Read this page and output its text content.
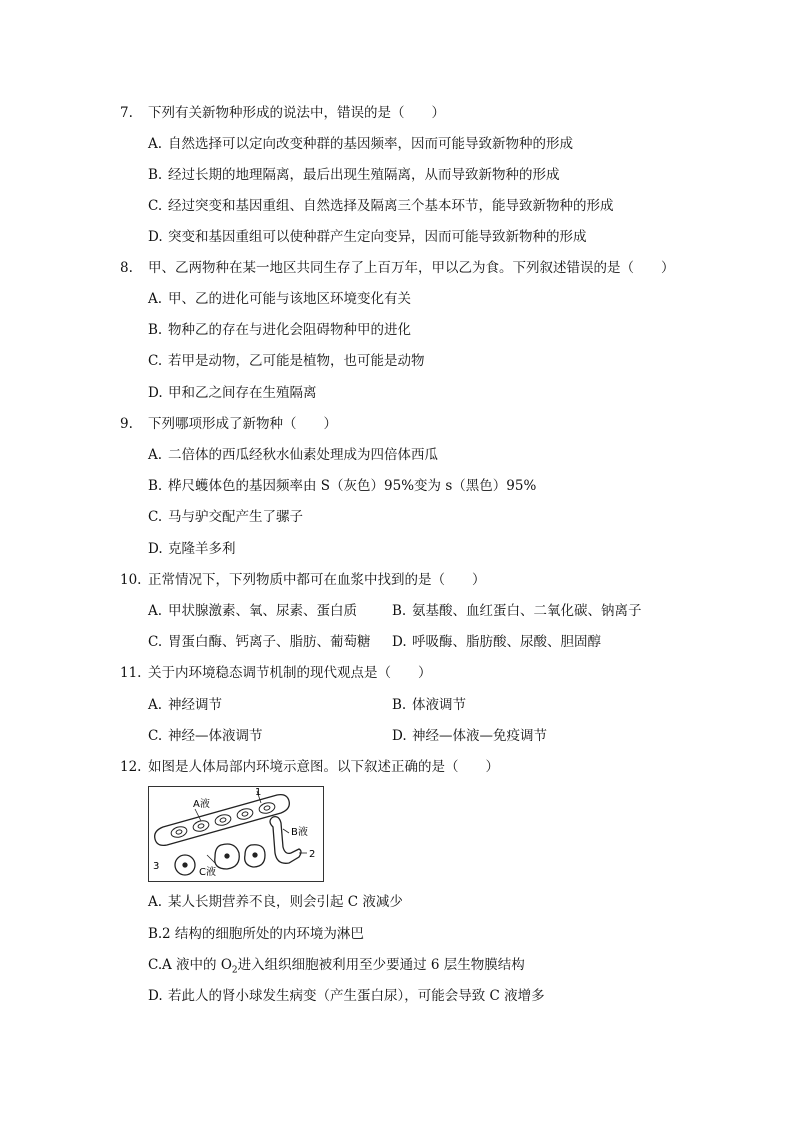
7. 下列有关新物种形成的说法中，错误的是（　　）
A. 自然选择可以定向改变种群的基因频率，因而可能导致新物种的形成
B. 经过长期的地理隔离，最后出现生殖隔离，从而导致新物种的形成
C. 经过突变和基因重组、自然选择及隔离三个基本环节，能导致新物种的形成
D. 突变和基因重组可以使种群产生定向变异，因而可能导致新物种的形成
8. 甲、乙两物种在某一地区共同生存了上百万年，甲以乙为食。下列叙述错误的是（　　）
A. 甲、乙的进化可能与该地区环境变化有关
B. 物种乙的存在与进化会阻碍物种甲的进化
C. 若甲是动物，乙可能是植物，也可能是动物
D. 甲和乙之间存在生殖隔离
9. 下列哪项形成了新物种（　　）
A. 二倍体的西瓜经秋水仙素处理成为四倍体西瓜
B. 桦尺蠖体色的基因频率由 S（灰色）95%变为 s（黑色）95%
C. 马与驴交配产生了骡子
D. 克隆羊多利
10. 正常情况下，下列物质中都可在血浆中找到的是（　　）
A. 甲状腺激素、氧、尿素、蛋白质	B. 氨基酸、血红蛋白、二氧化碳、钠离子
C. 胃蛋白酶、钙离子、脂肪、葡萄糖 D. 呼吸酶、脂肪酸、尿酸、胆固醇
11. 关于内环境稳态调节机制的现代观点是（　　）
A. 神经调节	B. 体液调节
C. 神经—体液调节	D. 神经—体液—免疫调节
12. 如图是人体局部内环境示意图。以下叙述正确的是（　　）
A液
1
B液
2
3
C液
A. 某人长期营养不良，则会引起 C 液减少
B.2 结构的细胞所处的内环境为淋巴
C.A 液中的 $O_2$进入组织细胞被利用至少要通过 6 层生物膜结构
D. 若此人的肾小球发生病变（产生蛋白尿），可能会导致 C 液增多
